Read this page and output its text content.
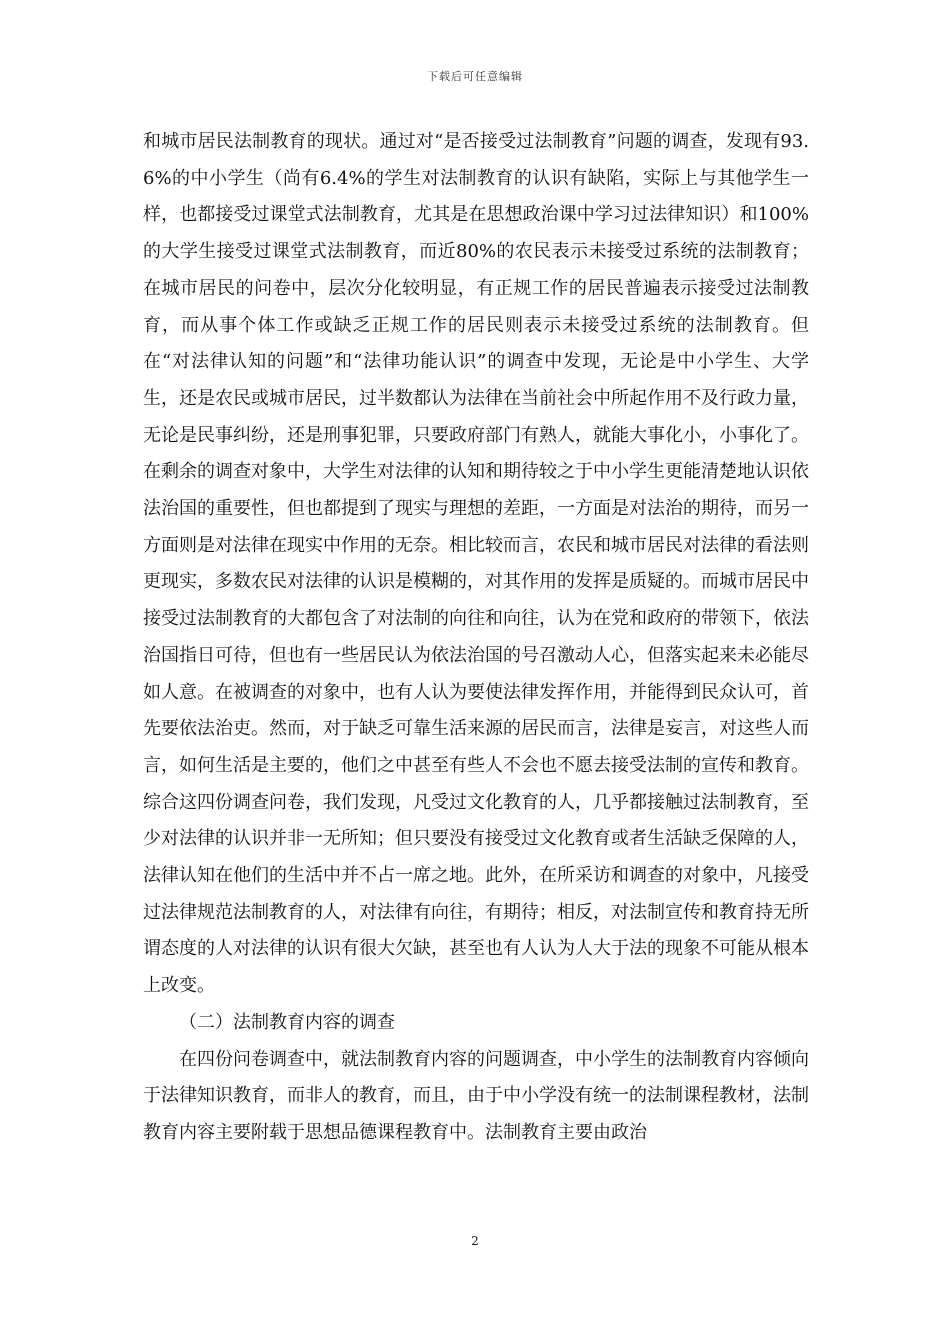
下载后可任意编辑

和城市居民法制教育的现状。通过对“是否接受过法制教育”问题的调查，发现有93.6%的中小学生（尚有6.4%的学生对法制教育的认识有缺陷，实际上与其他学生一样，也都接受过课堂式法制教育，尤其是在思想政治课中学习过法律知识）和100%的大学生接受过课堂式法制教育，而近80%的农民表示未接受过系统的法制教育；在城市居民的问卷中，层次分化较明显，有正规工作的居民普遍表示接受过法制教育，而从事个体工作或缺乏正规工作的居民则表示未接受过系统的法制教育。但在“对法律认知的问题”和“法律功能认识”的调查中发现，无论是中小学生、大学生，还是农民或城市居民，过半数都认为法律在当前社会中所起作用不及行政力量，无论是民事纠纷，还是刑事犯罪，只要政府部门有熟人，就能大事化小，小事化了。在剩余的调查对象中，大学生对法律的认知和期待较之于中小学生更能清楚地认识依法治国的重要性，但也都提到了现实与理想的差距，一方面是对法治的期待，而另一方面则是对法律在现实中作用的无奈。相比较而言，农民和城市居民对法律的看法则更现实，多数农民对法律的认识是模糊的，对其作用的发挥是质疑的。而城市居民中接受过法制教育的大都包含了对法制的向往和向往，认为在党和政府的带领下，依法治国指日可待，但也有一些居民认为依法治国的号召激动人心，但落实起来未必能尽如人意。在被调查的对象中，也有人认为要使法律发挥作用，并能得到民众认可，首先要依法治吏。然而，对于缺乏可靠生活来源的居民而言，法律是妄言，对这些人而言，如何生活是主要的，他们之中甚至有些人不会也不愿去接受法制的宣传和教育。综合这四份调查问卷，我们发现，凡受过文化教育的人，几乎都接触过法制教育，至少对法律的认识并非一无所知；但只要没有接受过文化教育或者生活缺乏保障的人，法律认知在他们的生活中并不占一席之地。此外，在所采访和调查的对象中，凡接受过法律规范法制教育的人，对法律有向往，有期待；相反，对法制宣传和教育持无所谓态度的人对法律的认识有很大欠缺，甚至也有人认为人大于法的现象不可能从根本上改变。

（二）法制教育内容的调查

在四份问卷调查中，就法制教育内容的问题调查，中小学生的法制教育内容倾向于法律知识教育，而非人的教育，而且，由于中小学没有统一的法制课程教材，法制教育内容主要附载于思想品德课程教育中。法制教育主要由政治

2
